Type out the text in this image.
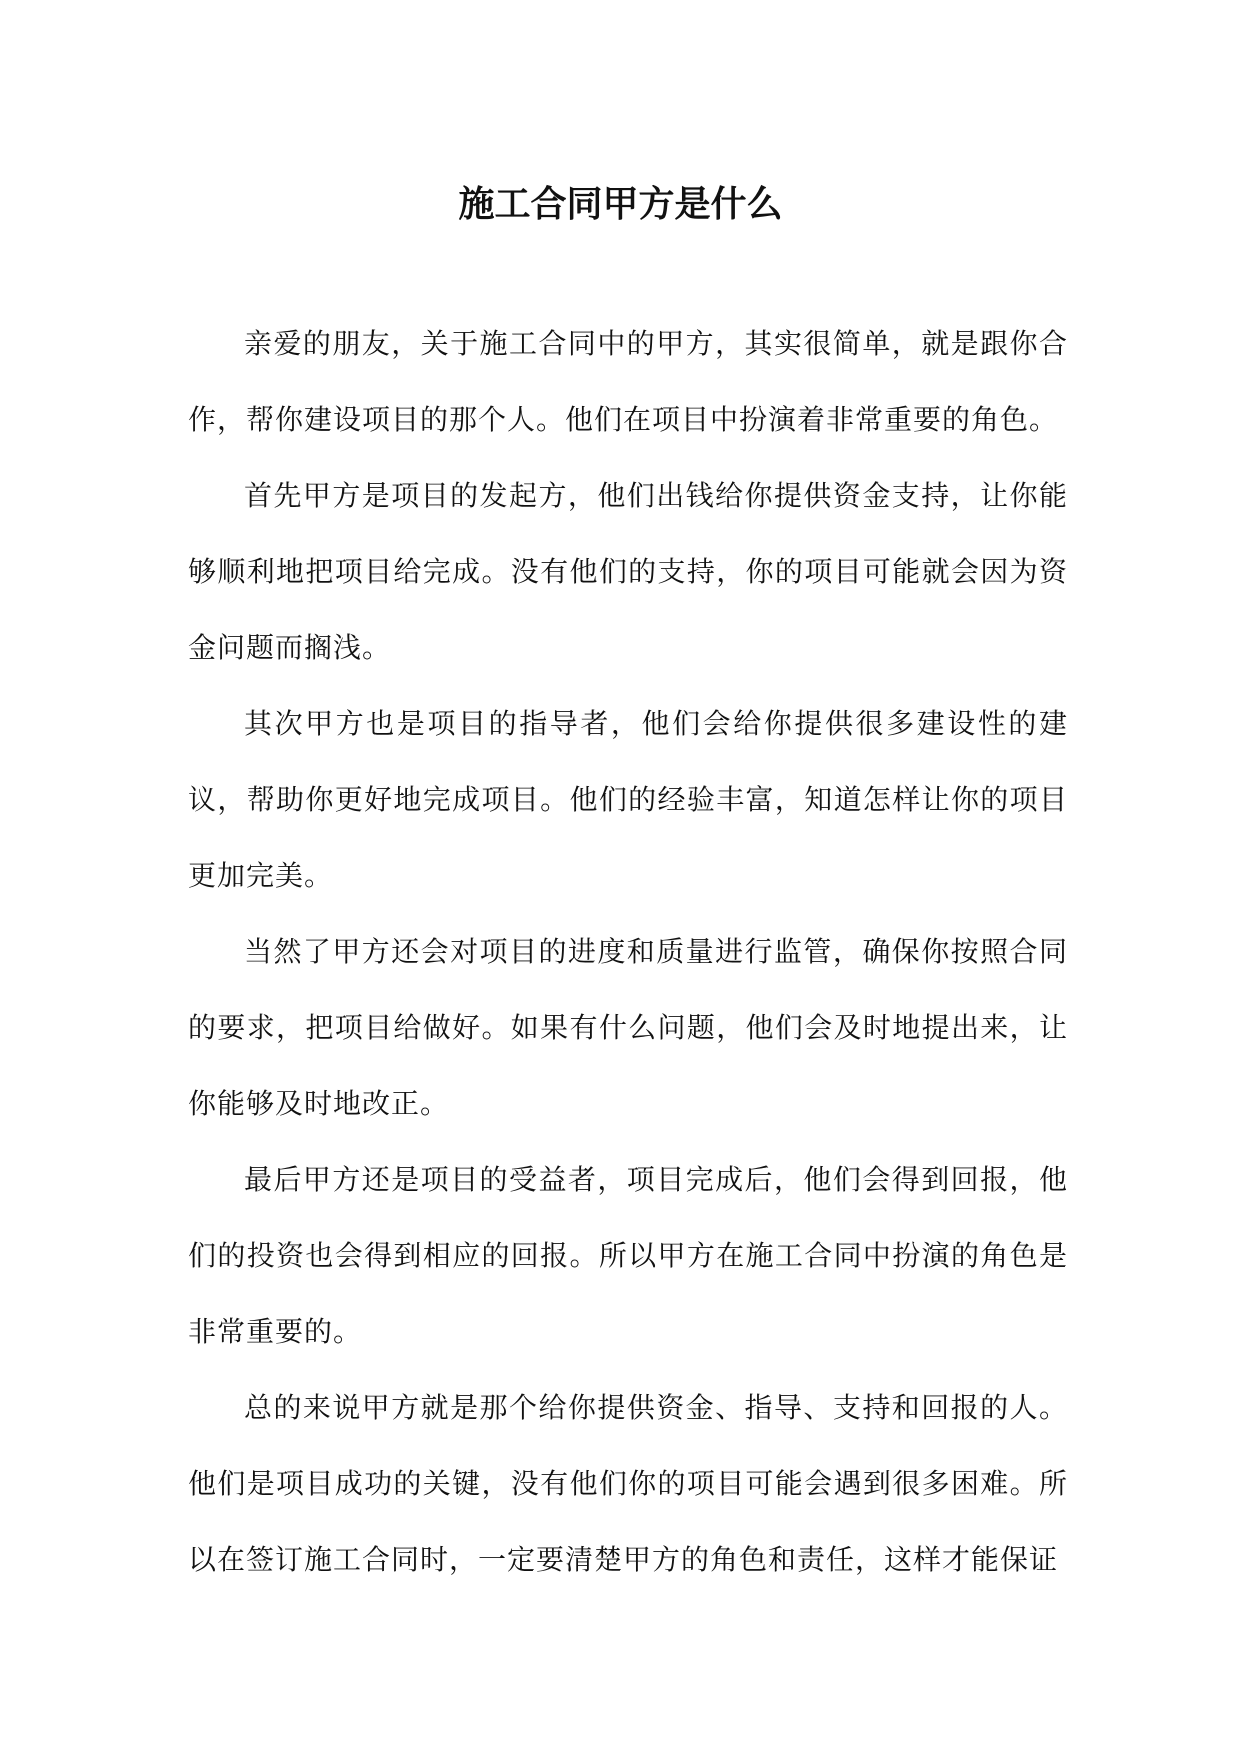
施工合同甲方是什么

亲爱的朋友，关于施工合同中的甲方，其实很简单，就是跟你合作，帮你建设项目的那个人。他们在项目中扮演着非常重要的角色。

首先甲方是项目的发起方，他们出钱给你提供资金支持，让你能够顺利地把项目给完成。没有他们的支持，你的项目可能就会因为资金问题而搁浅。

其次甲方也是项目的指导者，他们会给你提供很多建设性的建议，帮助你更好地完成项目。他们的经验丰富，知道怎样让你的项目更加完美。

当然了甲方还会对项目的进度和质量进行监管，确保你按照合同的要求，把项目给做好。如果有什么问题，他们会及时地提出来，让你能够及时地改正。

最后甲方还是项目的受益者，项目完成后，他们会得到回报，他们的投资也会得到相应的回报。所以甲方在施工合同中扮演的角色是非常重要的。

总的来说甲方就是那个给你提供资金、指导、支持和回报的人。他们是项目成功的关键，没有他们你的项目可能会遇到很多困难。所以在签订施工合同时，一定要清楚甲方的角色和责任，这样才能保证
